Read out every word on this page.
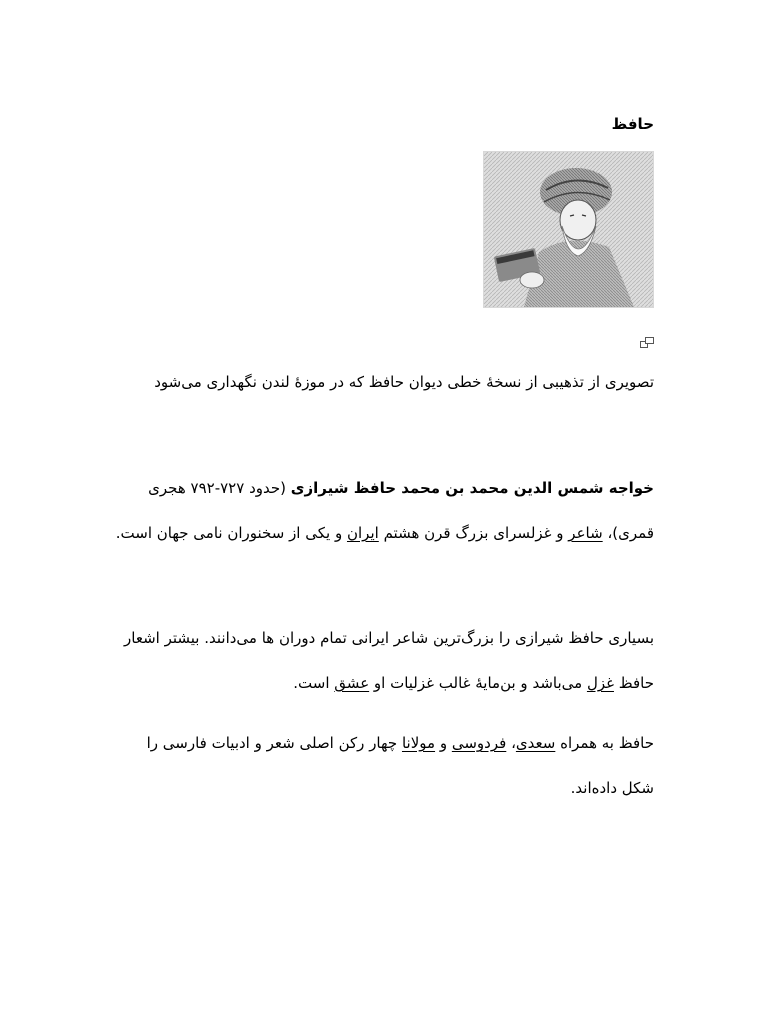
حافظ

تصویری از تذهیبی از نسخهٔ خطی دیوان حافظ که در موزهٔ لندن نگهداری می‌شود

خواجه شمس الدین محمد بن محمد حافظ شیرازی (حدود ۷۲۷-۷۹۲ هجری قمری)، شاعر و غزلسرای بزرگ قرن هشتم ایران و یکی از سخنوران نامی جهان است.

بسیاری حافظ شیرازی را بزرگ‌ترین شاعر ایرانی تمام دوران ها می‌دانند. بیشتر اشعار حافظ غزل می‌باشد و بن‌مایهٔ غالب غزلیات او عشق است.

حافظ به همراه سعدی، فردوسی و مولانا چهار رکن اصلی شعر و ادبیات فارسی را شکل داده‌اند.
